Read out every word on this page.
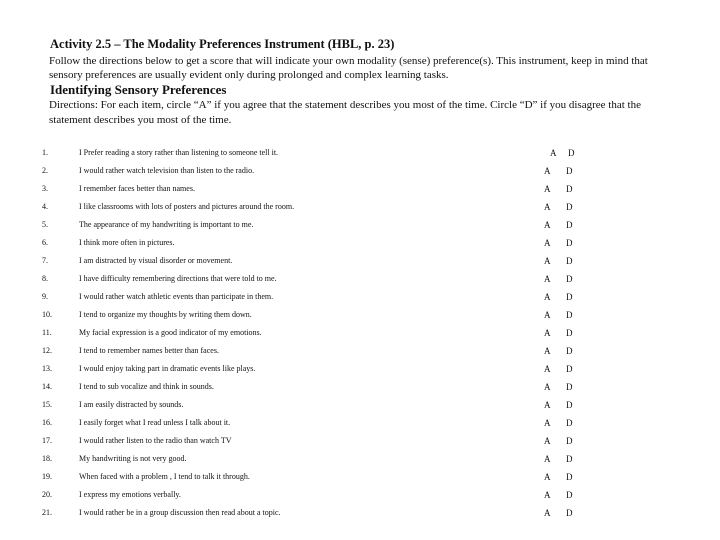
Activity 2.5 – The Modality Preferences Instrument (HBL, p. 23)
Follow the directions below to get a score that will indicate your own modality (sense) preference(s). This instrument, keep in mind that sensory preferences are usually evident only during prolonged and complex learning tasks.
Identifying Sensory Preferences
Directions: For each item, circle “A” if you agree that the statement describes you most of the time. Circle “D” if you disagree that the statement describes you most of the time.
1.	I Prefer reading a story rather than listening to someone tell it.	A D
2.	I would rather watch television than listen to the radio.	A D
3.	I remember faces better than names.	A D
4.	I like classrooms with lots of posters and pictures around the room.	A D
5.	The appearance of my handwriting is important to me.	A D
6.	I think more often in pictures.	A D
7.	I am distracted by visual disorder or movement.	A D
8.	I have difficulty remembering directions that were told to me.	A D
9.	I would rather watch athletic events than participate in them.	A D
10.	I tend to organize my thoughts by writing them down.	A D
11.	My facial expression is a good indicator of my emotions.	A D
12.	I tend to remember names better than faces.	A D
13.	I would enjoy taking part in dramatic events like plays.	A D
14.	I tend to sub vocalize and think in sounds.	A D
15.	I am easily distracted by sounds.	A D
16.	I easily forget what I read unless I talk about it.	A D
17.	I would rather listen to the radio than watch TV	A D
18.	My handwriting is not very good.	A D
19.	When faced with a problem , I tend to talk it through.	A D
20.	I express my emotions verbally.	A D
21.	I would rather be in a group discussion then read about a topic.	A D
